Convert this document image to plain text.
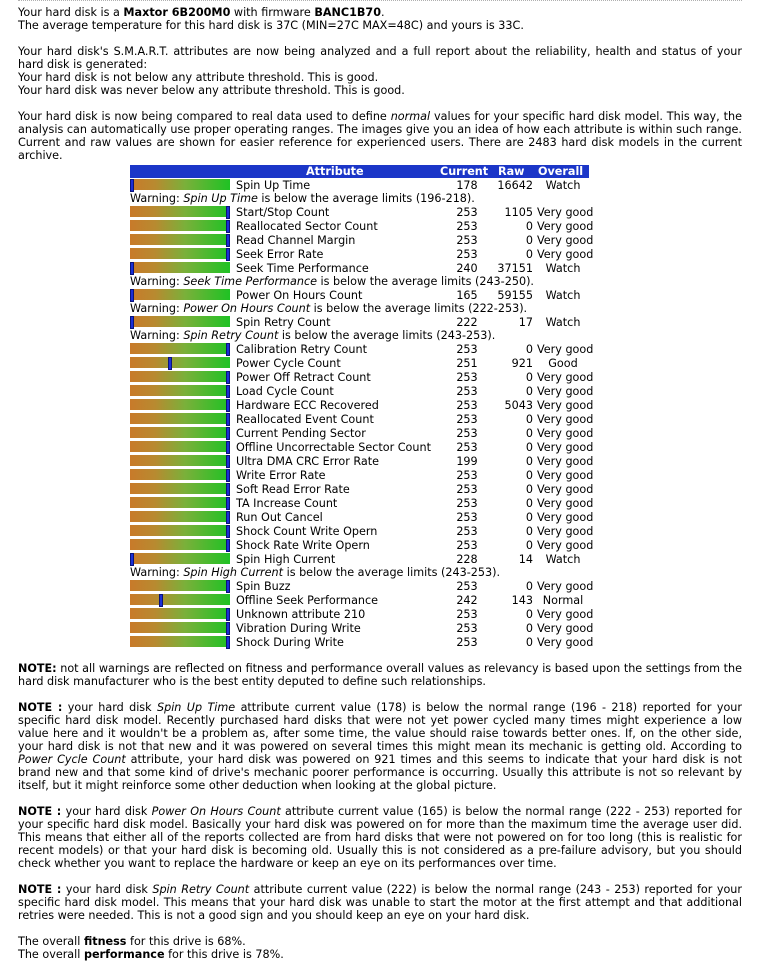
Your hard disk is a Maxtor 6B200M0 with firmware BANC1B70.

The average temperature for this hard disk is 37C (MIN=27C MAX=48C) and yours is 33C.

Your hard disk's S.M.A.R.T. attributes are now being analyzed and a full report about the reliability, health and status of your hard disk is generated:

Your hard disk is not below any attribute threshold. This is good.

Your hard disk was never below any attribute threshold. This is good.

Your hard disk is now being compared to real data used to define normal values for your specific hard disk model. This way, the analysis can automatically use proper operating ranges. The images give you an idea of how each attribute is within such range. Current and raw values are shown for easier reference for experienced users. There are 2483 hard disk models in the current archive.

Attribute	Current Raw Overall
Spin Up Time	178	16642	Watch
Warning: Spin Up Time is below the average limits (196-218).
Start/Stop Count	253	1105 Very good
Reallocated Sector Count	253	0 Very good
Read Channel Margin	253	0 Very good
Seek Error Rate	253	0 Very good
Seek Time Performance	240	37151	Watch
Warning: Seek Time Performance is below the average limits (243-250).
Power On Hours Count	165	59155	Watch
Warning: Power On Hours Count is below the average limits (222-253).
Spin Retry Count	222	17	Watch
Warning: Spin Retry Count is below the average limits (243-253).
Calibration Retry Count	253	0 Very good
Power Cycle Count	251	921	Good
Power Off Retract Count	253	0 Very good
Load Cycle Count	253	0 Very good
Hardware ECC Recovered	253	5043 Very good
Reallocated Event Count	253	0 Very good
Current Pending Sector	253	0 Very good
Offline Uncorrectable Sector Count	253	0 Very good
Ultra DMA CRC Error Rate	199	0 Very good
Write Error Rate	253	0 Very good
Soft Read Error Rate	253	0 Very good
TA Increase Count	253	0 Very good
Run Out Cancel	253	0 Very good
Shock Count Write Opern	253	0 Very good
Shock Rate Write Opern	253	0 Very good
Spin High Current	228	14	Watch
Warning: Spin High Current is below the average limits (243-253).
Spin Buzz	253	0 Very good
Offline Seek Performance	242	143 Normal
Unknown attribute 210	253	0 Very good
Vibration During Write	253	0 Very good
Shock During Write	253	0 Very good

NOTE: not all warnings are reflected on fitness and performance overall values as relevancy is based upon the settings from the hard disk manufacturer who is the best entity deputed to define such relationships.

NOTE : your hard disk Spin Up Time attribute current value (178) is below the normal range (196 - 218) reported for your specific hard disk model. Recently purchased hard disks that were not yet power cycled many times might experience a low value here and it wouldn't be a problem as, after some time, the value should raise towards better ones. If, on the other side, your hard disk is not that new and it was powered on several times this might mean its mechanic is getting old. According to Power Cycle Count attribute, your hard disk was powered on 921 times and this seems to indicate that your hard disk is not brand new and that some kind of drive's mechanic poorer performance is occurring. Usually this attribute is not so relevant by itself, but it might reinforce some other deduction when looking at the global picture.

NOTE : your hard disk Power On Hours Count attribute current value (165) is below the normal range (222 - 253) reported for your specific hard disk model. Basically your hard disk was powered on for more than the maximum time the average user did. This means that either all of the reports collected are from hard disks that were not powered on for too long (this is realistic for recent models) or that your hard disk is becoming old. Usually this is not considered as a pre-failure advisory, but you should check whether you want to replace the hardware or keep an eye on its performances over time.

NOTE : your hard disk Spin Retry Count attribute current value (222) is below the normal range (243 - 253) reported for your specific hard disk model. This means that your hard disk was unable to start the motor at the first attempt and that additional retries were needed. This is not a good sign and you should keep an eye on your hard disk.

The overall fitness for this drive is 68%.

The overall performance for this drive is 78%.
